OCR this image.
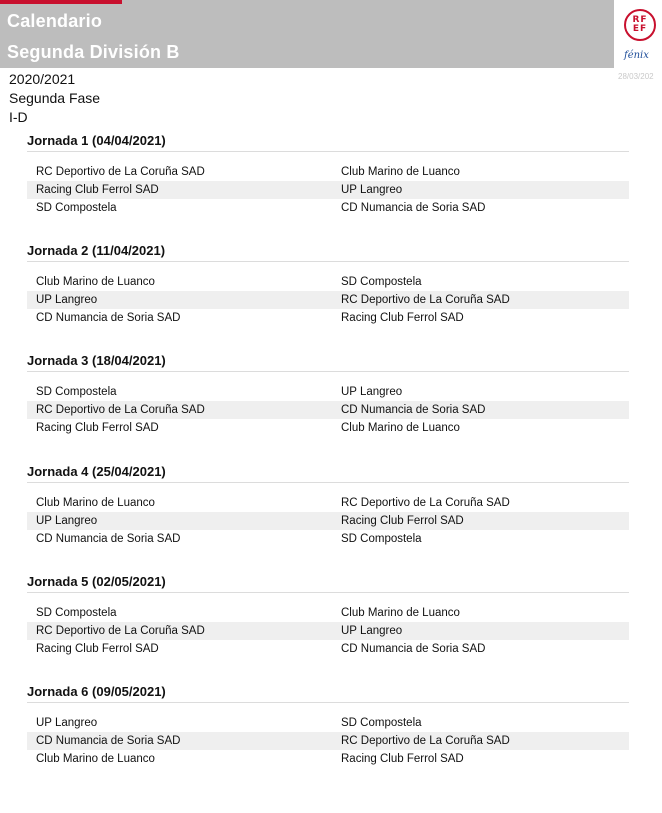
Calendario
Segunda División B
RF EF
fénix
28/03/202
2020/2021
Segunda Fase
I-D
Jornada 1 (04/04/2021)
RC Deportivo de La Coruña SAD	Club Marino de Luanco
Racing Club Ferrol SAD	UP Langreo
SD Compostela	CD Numancia de Soria SAD
Jornada 2 (11/04/2021)
Club Marino de Luanco	SD Compostela
UP Langreo	RC Deportivo de La Coruña SAD
CD Numancia de Soria SAD	Racing Club Ferrol SAD
Jornada 3 (18/04/2021)
SD Compostela	UP Langreo
RC Deportivo de La Coruña SAD	CD Numancia de Soria SAD
Racing Club Ferrol SAD	Club Marino de Luanco
Jornada 4 (25/04/2021)
Club Marino de Luanco	RC Deportivo de La Coruña SAD
UP Langreo	Racing Club Ferrol SAD
CD Numancia de Soria SAD	SD Compostela
Jornada 5 (02/05/2021)
SD Compostela	Club Marino de Luanco
RC Deportivo de La Coruña SAD	UP Langreo
Racing Club Ferrol SAD	CD Numancia de Soria SAD
Jornada 6 (09/05/2021)
UP Langreo	SD Compostela
CD Numancia de Soria SAD	RC Deportivo de La Coruña SAD
Club Marino de Luanco	Racing Club Ferrol SAD
